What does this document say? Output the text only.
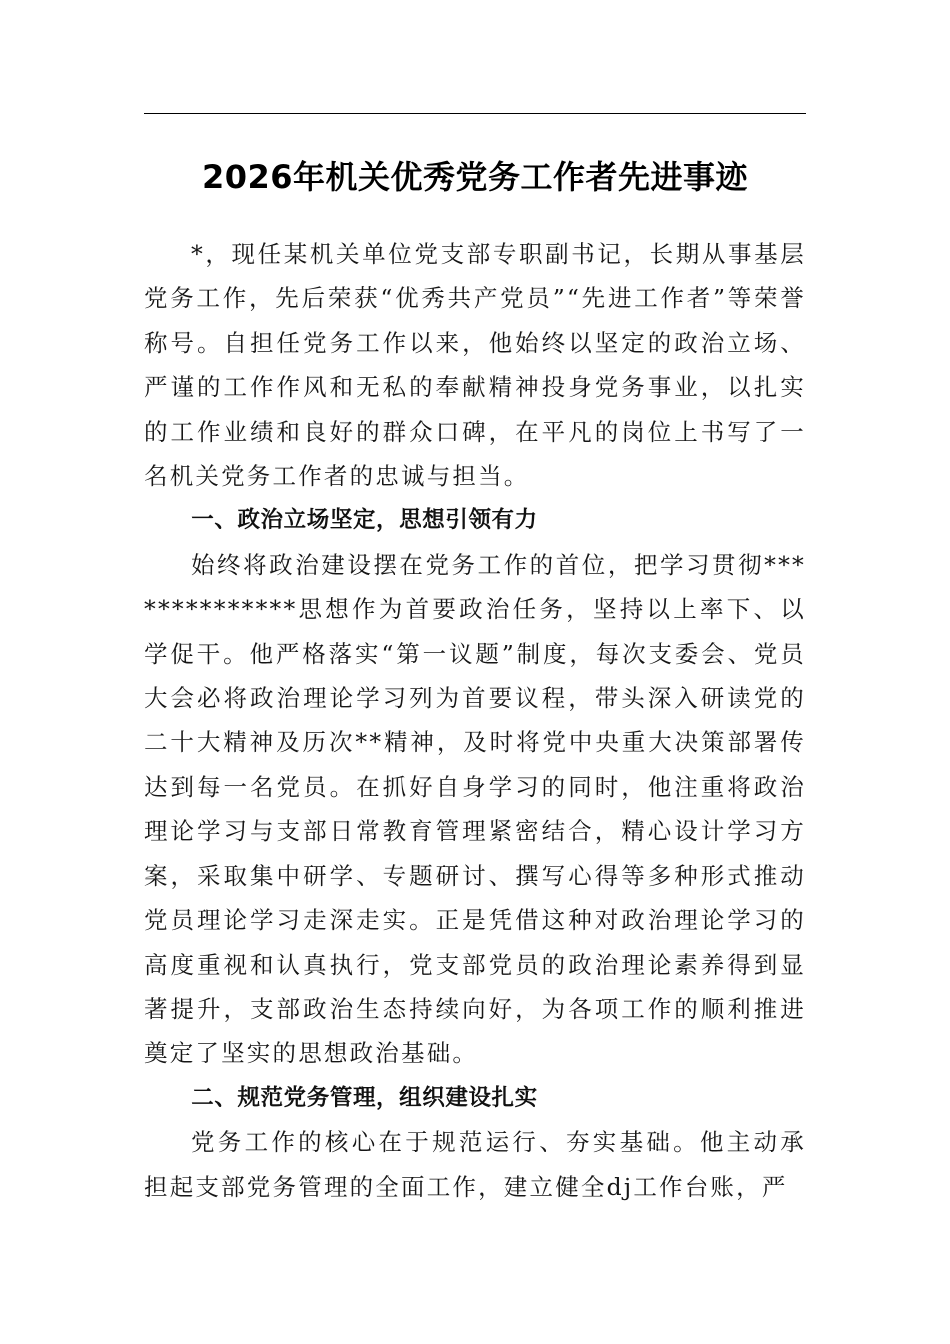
2026年机关优秀党务工作者先进事迹

*，现任某机关单位党支部专职副书记，长期从事基层党务工作，先后荣获“优秀共产党员”“先进工作者”等荣誉称号。自担任党务工作以来，他始终以坚定的政治立场、严谨的工作作风和无私的奉献精神投身党务事业，以扎实的工作业绩和良好的群众口碑，在平凡的岗位上书写了一名机关党务工作者的忠诚与担当。

一、政治立场坚定，思想引领有力

始终将政治建设摆在党务工作的首位，把学习贯彻**************思想作为首要政治任务，坚持以上率下、以学促干。他严格落实“第一议题”制度，每次支委会、党员大会必将政治理论学习列为首要议程，带头深入研读党的二十大精神及历次**精神，及时将党中央重大决策部署传达到每一名党员。在抓好自身学习的同时，他注重将政治理论学习与支部日常教育管理紧密结合，精心设计学习方案，采取集中研学、专题研讨、撰写心得等多种形式推动党员理论学习走深走实。正是凭借这种对政治理论学习的高度重视和认真执行，党支部党员的政治理论素养得到显著提升，支部政治生态持续向好，为各项工作的顺利推进奠定了坚实的思想政治基础。

二、规范党务管理，组织建设扎实

党务工作的核心在于规范运行、夯实基础。他主动承担起支部党务管理的全面工作，建立健全dj工作台账，严
